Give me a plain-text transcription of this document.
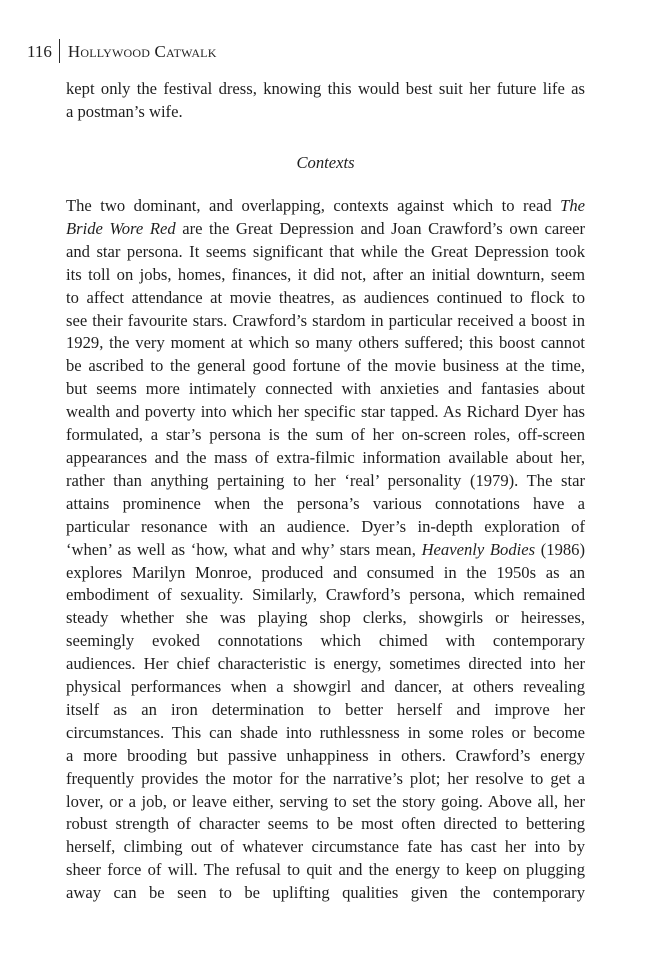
116 Hollywood Catwalk
kept only the festival dress, knowing this would best suit her future life as
a postman’s wife.
Contexts
The two dominant, and overlapping, contexts against which to read The
Bride Wore Red are the Great Depression and Joan Crawford’s own career
and star persona. It seems significant that while the Great Depression took
its toll on jobs, homes, finances, it did not, after an initial downturn, seem
to affect attendance at movie theatres, as audiences continued to flock to
see their favourite stars. Crawford’s stardom in particular received a boost in
1929, the very moment at which so many others suffered; this boost cannot
be ascribed to the general good fortune of the movie business at the time,
but seems more intimately connected with anxieties and fantasies about
wealth and poverty into which her specific star tapped. As Richard Dyer has
formulated, a star’s persona is the sum of her on-screen roles, off-screen
appearances and the mass of extra-filmic information available about her,
rather than anything pertaining to her ‘real’ personality (1979). The star
attains prominence when the persona’s various connotations have a
particular resonance with an audience. Dyer’s in-depth exploration of
‘when’ as well as ‘how, what and why’ stars mean, Heavenly Bodies (1986)
explores Marilyn Monroe, produced and consumed in the 1950s as an
embodiment of sexuality. Similarly, Crawford’s persona, which remained
steady whether she was playing shop clerks, showgirls or heiresses,
seemingly evoked connotations which chimed with contemporary
audiences. Her chief characteristic is energy, sometimes directed into her
physical performances when a showgirl and dancer, at others revealing
itself as an iron determination to better herself and improve her
circumstances. This can shade into ruthlessness in some roles or become
a more brooding but passive unhappiness in others. Crawford’s energy
frequently provides the motor for the narrative’s plot; her resolve to get a
lover, or a job, or leave either, serving to set the story going. Above all, her
robust strength of character seems to be most often directed to bettering
herself, climbing out of whatever circumstance fate has cast her into by
sheer force of will. The refusal to quit and the energy to keep on plugging
away can be seen to be uplifting qualities given the contemporary
